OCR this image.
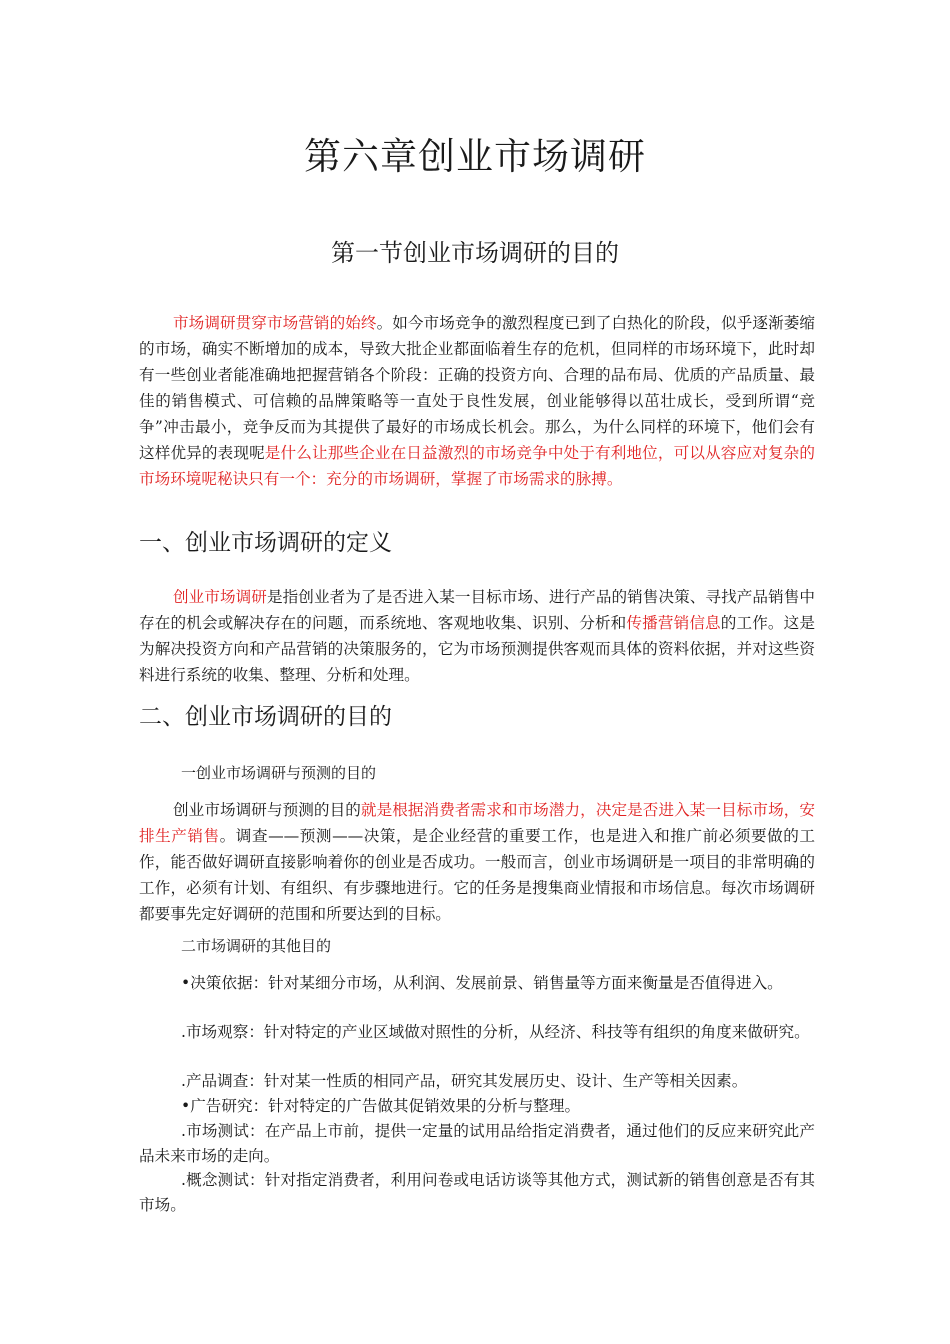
第六章创业市场调研
第一节创业市场调研的目的

市场调研贯穿市场营销的始终。如今市场竞争的激烈程度已到了白热化的阶段，似乎逐渐萎缩的市场，确实不断增加的成本，导致大批企业都面临着生存的危机，但同样的市场环境下，此时却有一些创业者能准确地把握营销各个阶段：正确的投资方向、合理的品布局、优质的产品质量、最佳的销售模式、可信赖的品牌策略等一直处于良性发展，创业能够得以茁壮成长，受到所谓“竞争”冲击最小，竞争反而为其提供了最好的市场成长机会。那么，为什么同样的环境下，他们会有这样优异的表现呢是什么让那些企业在日益激烈的市场竞争中处于有利地位，可以从容应对复杂的市场环境呢秘诀只有一个：充分的市场调研，掌握了市场需求的脉搏。

一、创业市场调研的定义

创业市场调研是指创业者为了是否进入某一目标市场、进行产品的销售决策、寻找产品销售中存在的机会或解决存在的问题，而系统地、客观地收集、识别、分析和传播营销信息的工作。这是为解决投资方向和产品营销的决策服务的，它为市场预测提供客观而具体的资料依据，并对这些资料进行系统的收集、整理、分析和处理。

二、创业市场调研的目的

一创业市场调研与预测的目的

创业市场调研与预测的目的就是根据消费者需求和市场潜力，决定是否进入某一目标市场，安排生产销售。调查——预测——决策，是企业经营的重要工作，也是进入和推广前必须要做的工作，能否做好调研直接影响着你的创业是否成功。一般而言，创业市场调研是一项目的非常明确的工作，必须有计划、有组织、有步骤地进行。它的任务是搜集商业情报和市场信息。每次市场调研都要事先定好调研的范围和所要达到的目标。

二市场调研的其他目的

•决策依据：针对某细分市场，从利润、发展前景、销售量等方面来衡量是否值得进入。

.市场观察：针对特定的产业区域做对照性的分析，从经济、科技等有组织的角度来做研究。

.产品调查：针对某一性质的相同产品，研究其发展历史、设计、生产等相关因素。

•广告研究：针对特定的广告做其促销效果的分析与整理。

.市场测试：在产品上市前，提供一定量的试用品给指定消费者，通过他们的反应来研究此产品未来市场的走向。

.概念测试：针对指定消费者，利用问卷或电话访谈等其他方式，测试新的销售创意是否有其市场。
